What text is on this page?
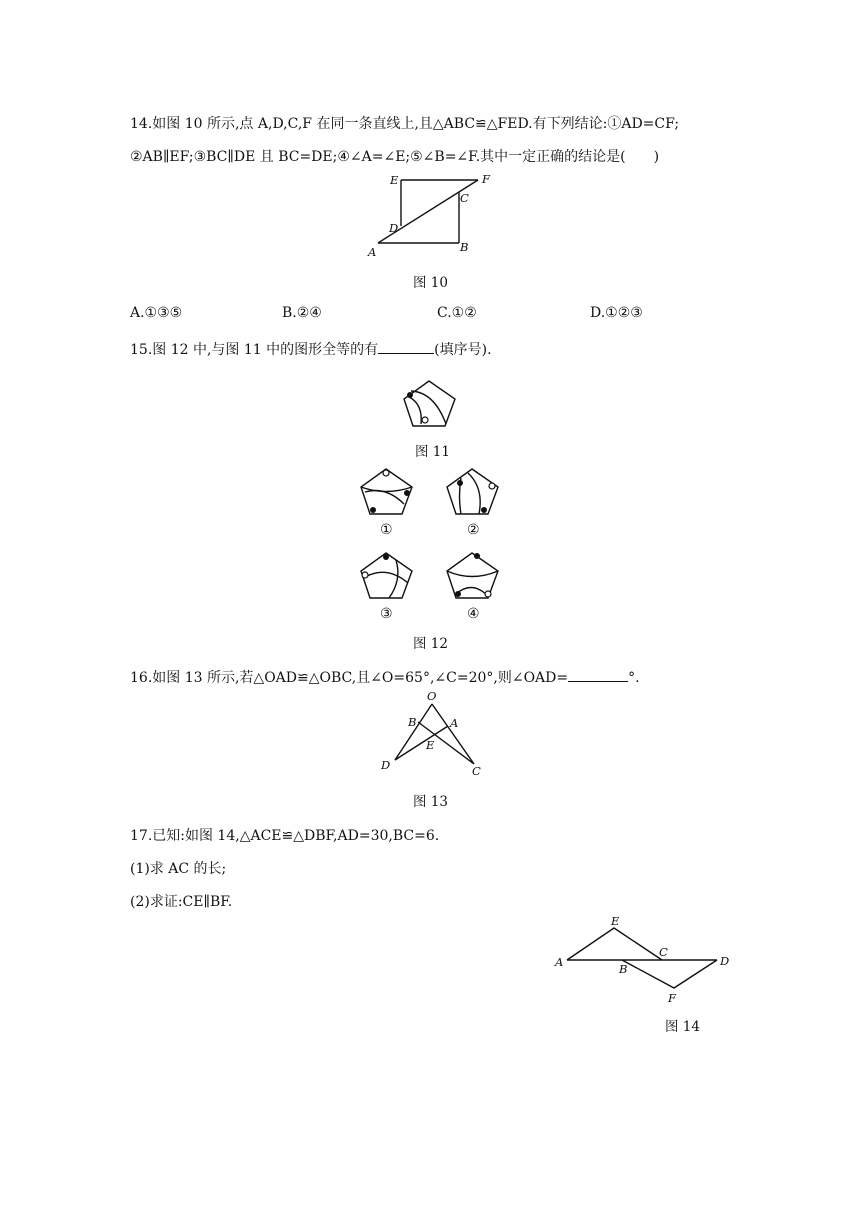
14.如图 10 所示,点 A,D,C,F 在同一条直线上,且△ABC≌△FED.有下列结论:①AD=CF;
②AB∥EF;③BC∥DE 且 BC=DE;④∠A=∠E;⑤∠B=∠F.其中一定正确的结论是(　　)
E	F
C
D
A	B
图 10
A.①③⑤	B.②④	C.①②	D.①②③
15.图 12 中,与图 11 中的图形全等的有	(填序号).
图 11
①	②
③	④
图 12
16.如图 13 所示,若△OAD≌△OBC,且∠O=65°,∠C=20°,则∠OAD=	°.
O
B	A
E
D	C
图 13
17.已知:如图 14,△ACE≌△DBF,AD=30,BC=6.
(1)求 AC 的长;
(2)求证:CE∥BF.
E
A
C
B
D
F
图 14
